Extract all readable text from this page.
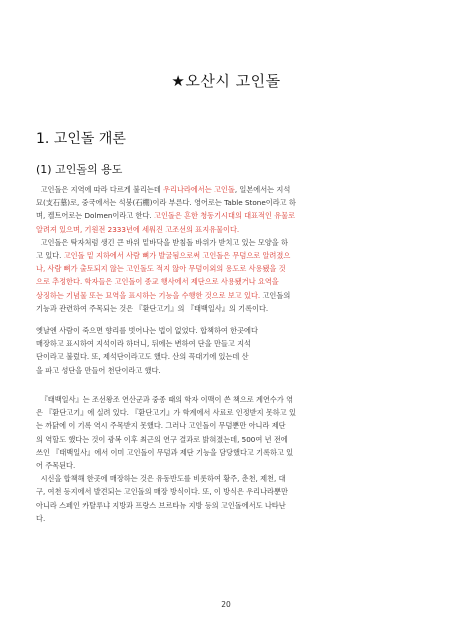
★오산시 고인돌
1. 고인돌 개론
(1) 고인돌의 용도
고인돌은 지역에 따라 다르게 불리는데 우리나라에서는 고인돌, 일본에서는 지석
묘(支石墓)로, 중국에서는 석붕(石棚)이라 부른다. 영어로는 Table Stone이라고 하
며, 켈트어로는 Dolmen이라고 한다. 고인돌은 흔한 청동기시대의 대표적인 유물로
알려져 있으며, 기원전 2333년에 세워진 고조선의 표지유물이다.
고인돌은 탁자처럼 생긴 큰 바위 밑바닥을 받침돌 바위가 받치고 있는 모양을 하
고 있다. 고인돌 밑 지하에서 사람 뼈가 발굴됨으로써 고인돌은 무덤으로 알려졌으
나, 사람 뼈가 출토되지 않는 고인돌도 적지 않아 무덤이외의 용도로 사용됐을 것
으로 추정한다. 학자들은 고인돌이 종교 행사에서 제단으로 사용됐거나 요역을
상징하는 기념물 또는 묘역을 표시하는 기능을 수행한 것으로 보고 있다. 고인돌의
기능과 관련하여 주목되는 것은 『환단고기』의 『태백일사』의 기록이다.
옛날엔 사람이 죽으면 향리를 벗어나는 법이 없었다. 합책하여 한곳에다
매장하고 표시하여 지석이라 하더니, 뒤에는 변하여 단을 만들고 지석
단이라고 불렀다. 또, 제석단이라고도 했다. 산의 꼭대기에 있는데 산
을 파고 성단을 만들어 천단이라고 했다.
『태백일사』는 조선왕조 연산군과 중종 때의 학자 이맥이 쓴 책으로 계연수가 엮
은 『환단고기』에 실려 있다. 『환단고기』가 학계에서 사료로 인정받지 못하고 있
는 까닭에 이 기록 역시 주목받지 못했다. 그러나 고인돌이 무덤뿐만 아니라 제단
의 역할도 했다는 것이 광복 이후 최근의 연구 결과로 밝혀졌는데, 500여 년 전에
쓰인 『태백일사』에서 이미 고인돌이 무덤과 제단 기능을 담당했다고 기록하고 있
어 주목된다.
시신을 합책해 한곳에 매장하는 것은 유동반도를 비롯하여 황주, 춘천, 제천, 대
구, 여천 등지에서 발견되는 고인돌의 매장 방식이다. 또, 이 방식은 우리나라뿐만
아니라 스페인 카탈루냐 지방과 프랑스 브르타뉴 지방 등의 고인돌에서도 나타난
다.
20
